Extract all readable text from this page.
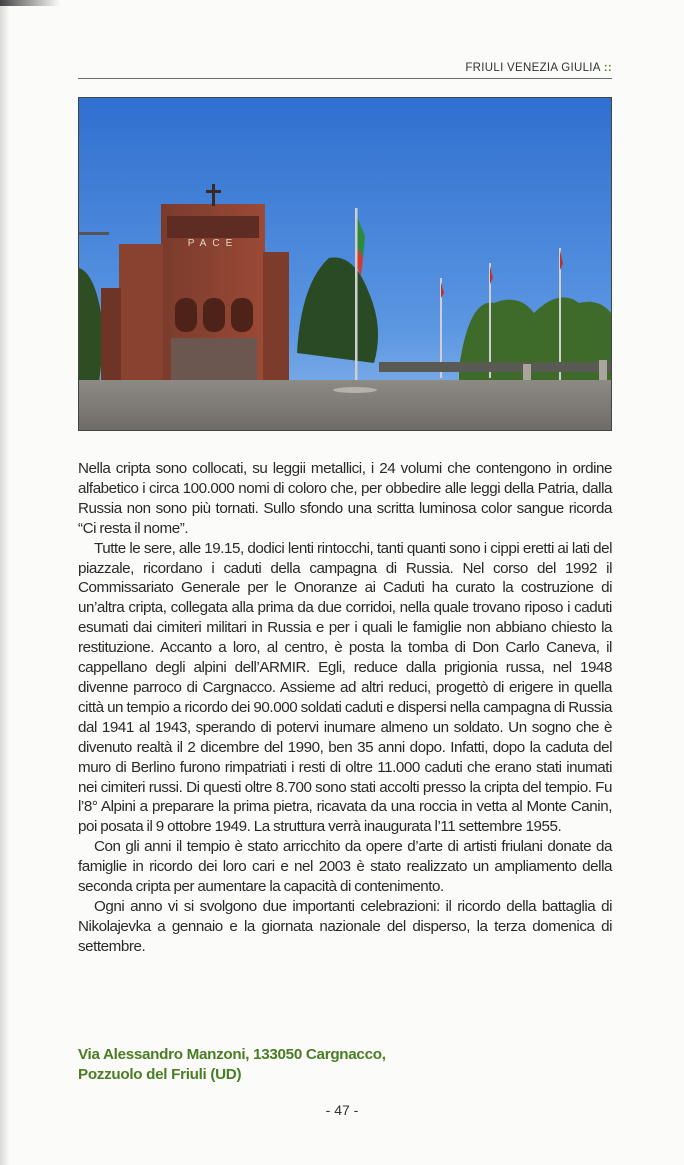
FRIULI VENEZIA GIULIA ::
PACE

Nella cripta sono collocati, su leggii metallici, i 24 volumi che contengono in ordine alfabetico i circa 100.000 nomi di coloro che, per obbedire alle leggi della Patria, dalla Russia non sono più tornati. Sullo sfondo una scritta luminosa color sangue ricorda “Ci resta il nome”.

Tutte le sere, alle 19.15, dodici lenti rintocchi, tanti quanti sono i cippi eretti ai lati del piazzale, ricordano i caduti della campagna di Russia. Nel corso del 1992 il Commissariato Generale per le Onoranze ai Caduti ha curato la costruzione di un’altra cripta, collegata alla prima da due corridoi, nella quale trovano riposo i caduti esumati dai cimiteri militari in Russia e per i quali le famiglie non abbiano chiesto la restituzione. Accanto a loro, al centro, è posta la tomba di Don Carlo Caneva, il cappellano degli alpini dell’ARMIR. Egli, reduce dalla prigionia russa, nel 1948 divenne parroco di Cargnacco. Assieme ad altri reduci, progettò di erigere in quella città un tempio a ricordo dei 90.000 soldati caduti e dispersi nella campagna di Russia dal 1941 al 1943, sperando di potervi inumare almeno un soldato. Un sogno che è divenuto realtà il 2 dicembre del 1990, ben 35 anni dopo. Infatti, dopo la caduta del muro di Berlino furono rimpatriati i resti di oltre 11.000 caduti che erano stati inumati nei cimiteri russi. Di questi oltre 8.700 sono stati accolti presso la cripta del tempio. Fu l’8° Alpini a preparare la prima pietra, ricavata da una roccia in vetta al Monte Canin, poi posata il 9 ottobre 1949. La struttura verrà inaugurata l’11 settembre 1955.

Con gli anni il tempio è stato arricchito da opere d’arte di artisti friulani donate da famiglie in ricordo dei loro cari e nel 2003 è stato realizzato un ampliamento della seconda cripta per aumentare la capacità di contenimento.

Ogni anno vi si svolgono due importanti celebrazioni: il ricordo della battaglia di Nikolajevka a gennaio e la giornata nazionale del disperso, la terza domenica di settembre.

Via Alessandro Manzoni, 133050 Cargnacco,
Pozzuolo del Friuli (UD)
- 47 -
